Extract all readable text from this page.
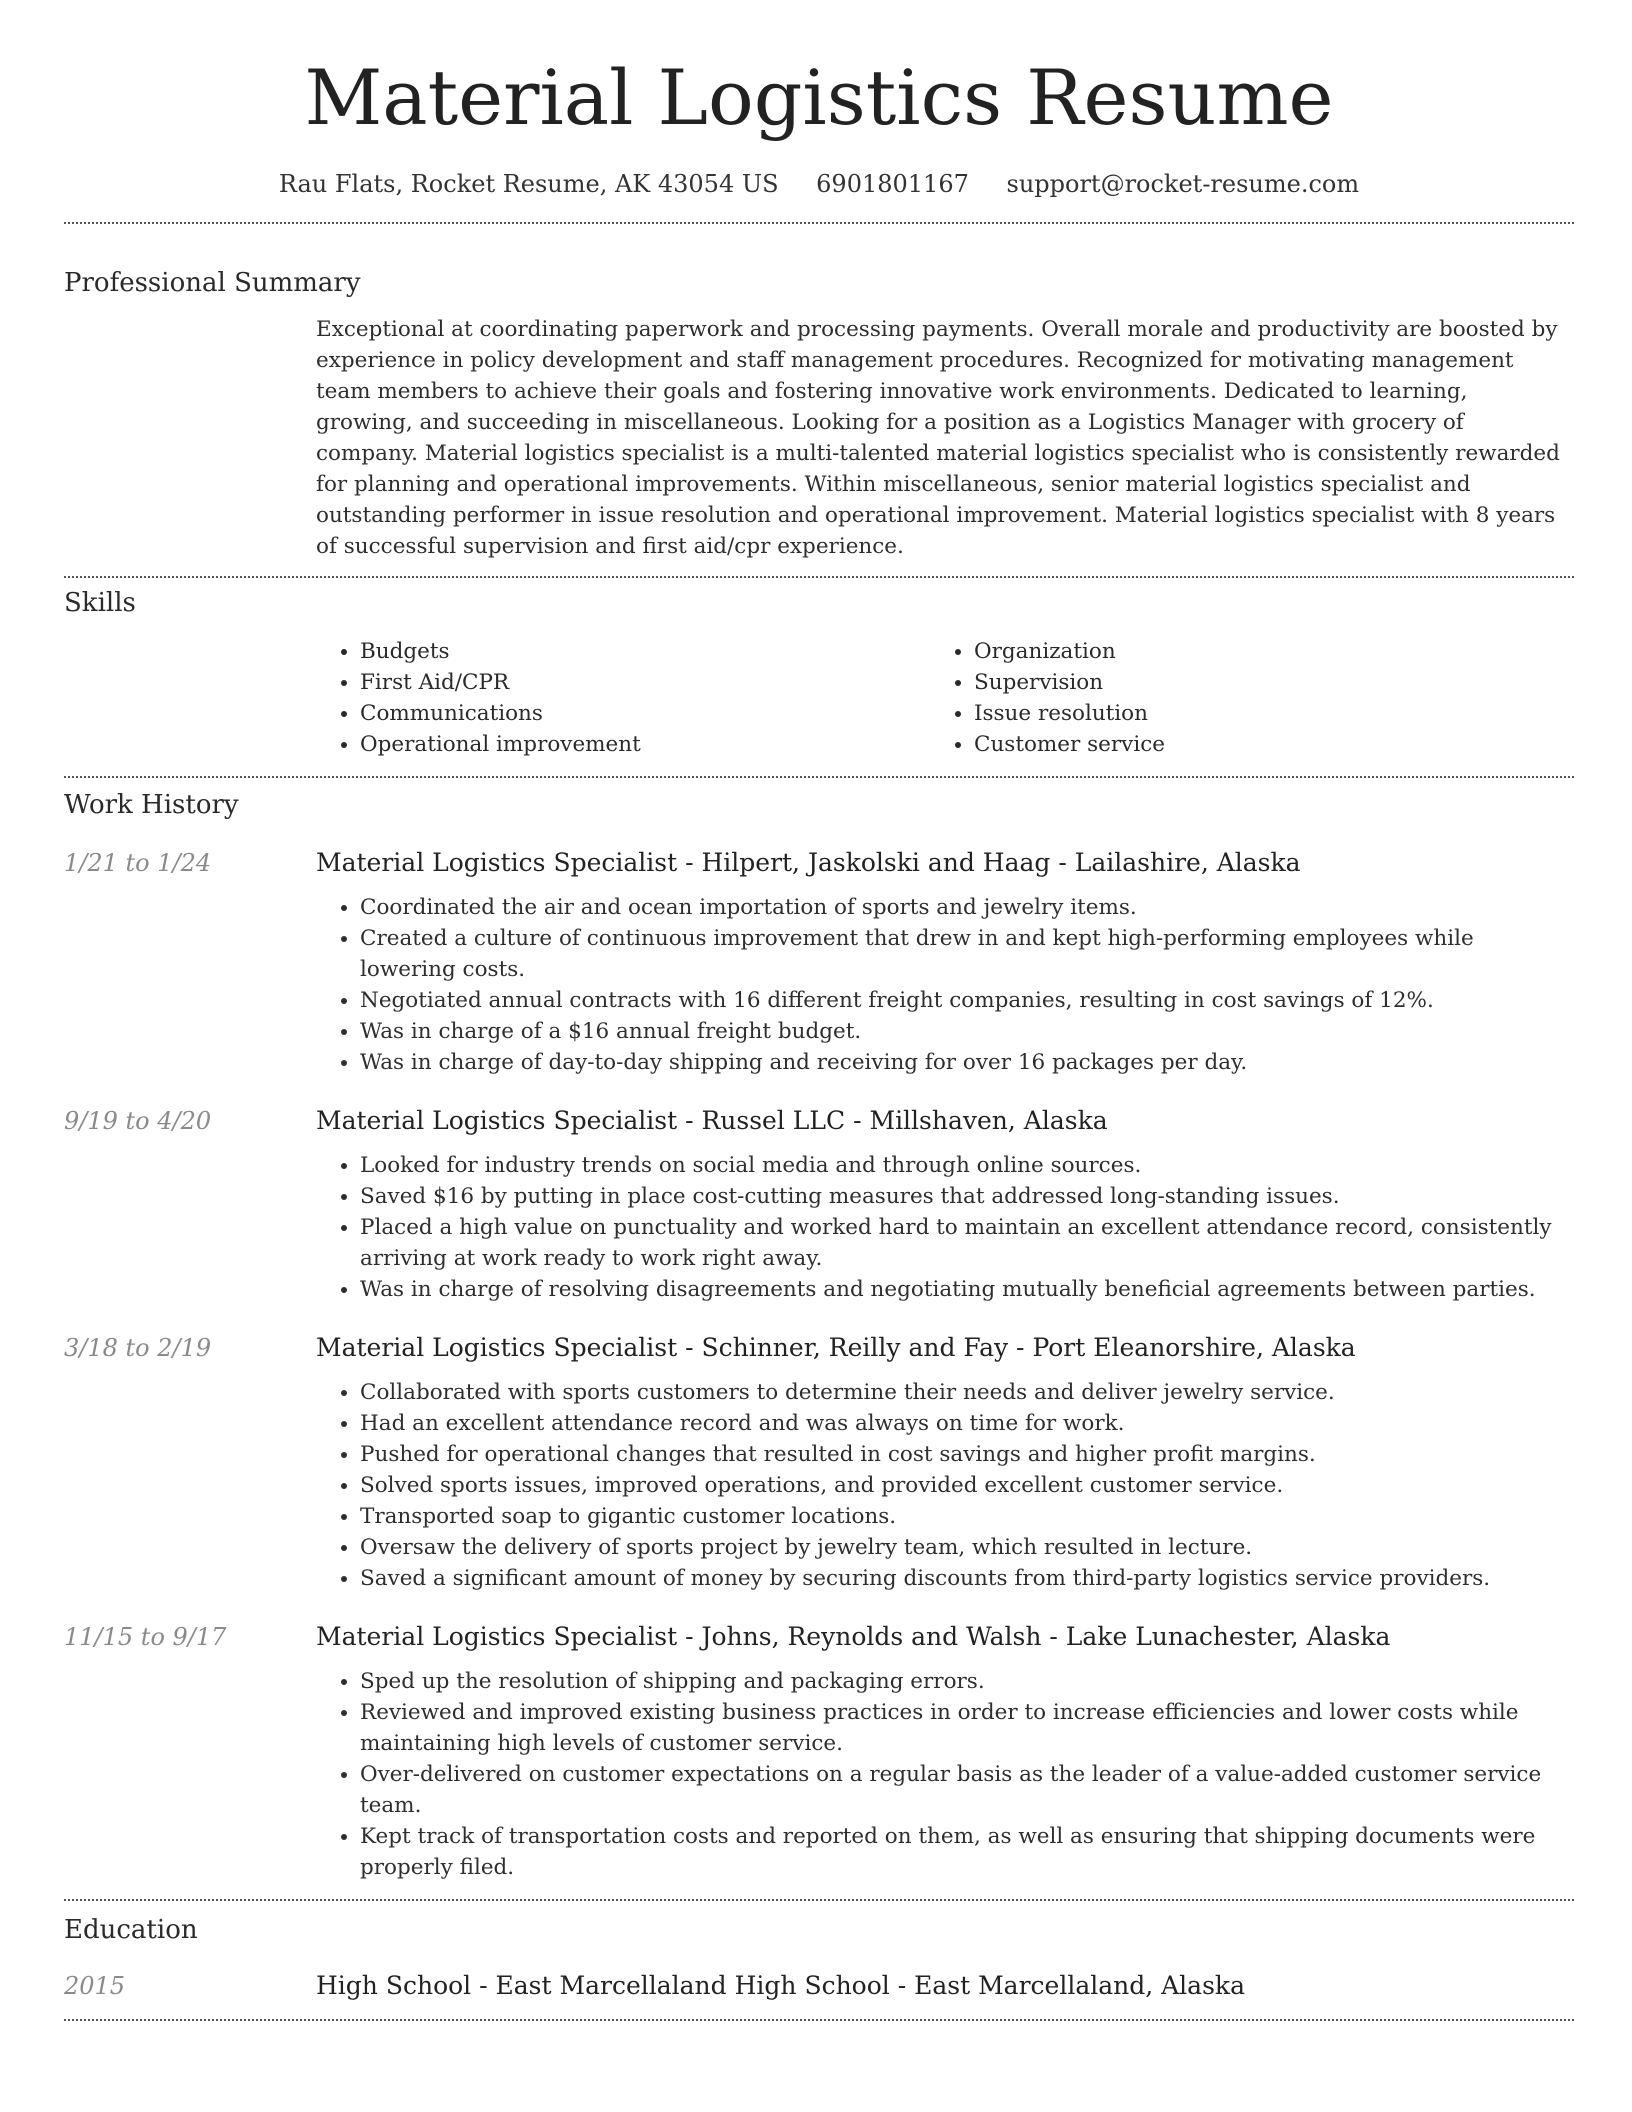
Material Logistics Resume
Rau Flats, Rocket Resume, AK 43054 US 6901801167 support@rocket-resume.com
Professional Summary
Exceptional at coordinating paperwork and processing payments. Overall morale and productivity are boosted by experience in policy development and staff management procedures. Recognized for motivating management team members to achieve their goals and fostering innovative work environments. Dedicated to learning, growing, and succeeding in miscellaneous. Looking for a position as a Logistics Manager with grocery of company. Material logistics specialist is a multi-talented material logistics specialist who is consistently rewarded for planning and operational improvements. Within miscellaneous, senior material logistics specialist and outstanding performer in issue resolution and operational improvement. Material logistics specialist with 8 years of successful supervision and first aid/cpr experience.
Skills
• Budgets
• First Aid/CPR
• Communications
• Operational improvement
• Organization
• Supervision
• Issue resolution
• Customer service
Work History
1/21 to 1/24	Material Logistics Specialist - Hilpert, Jaskolski and Haag - Lailashire, Alaska
• Coordinated the air and ocean importation of sports and jewelry items.
• Created a culture of continuous improvement that drew in and kept high-performing employees while lowering costs.
• Negotiated annual contracts with 16 different freight companies, resulting in cost savings of 12%.
• Was in charge of a $16 annual freight budget.
• Was in charge of day-to-day shipping and receiving for over 16 packages per day.
9/19 to 4/20	Material Logistics Specialist - Russel LLC - Millshaven, Alaska
• Looked for industry trends on social media and through online sources.
• Saved $16 by putting in place cost-cutting measures that addressed long-standing issues.
• Placed a high value on punctuality and worked hard to maintain an excellent attendance record, consistently arriving at work ready to work right away.
• Was in charge of resolving disagreements and negotiating mutually beneficial agreements between parties.
3/18 to 2/19	Material Logistics Specialist - Schinner, Reilly and Fay - Port Eleanorshire, Alaska
• Collaborated with sports customers to determine their needs and deliver jewelry service.
• Had an excellent attendance record and was always on time for work.
• Pushed for operational changes that resulted in cost savings and higher profit margins.
• Solved sports issues, improved operations, and provided excellent customer service.
• Transported soap to gigantic customer locations.
• Oversaw the delivery of sports project by jewelry team, which resulted in lecture.
• Saved a significant amount of money by securing discounts from third-party logistics service providers.
11/15 to 9/17	Material Logistics Specialist - Johns, Reynolds and Walsh - Lake Lunachester, Alaska
• Sped up the resolution of shipping and packaging errors.
• Reviewed and improved existing business practices in order to increase efficiencies and lower costs while maintaining high levels of customer service.
• Over-delivered on customer expectations on a regular basis as the leader of a value-added customer service team.
• Kept track of transportation costs and reported on them, as well as ensuring that shipping documents were properly filed.
Education
2015	High School - East Marcellaland High School - East Marcellaland, Alaska
